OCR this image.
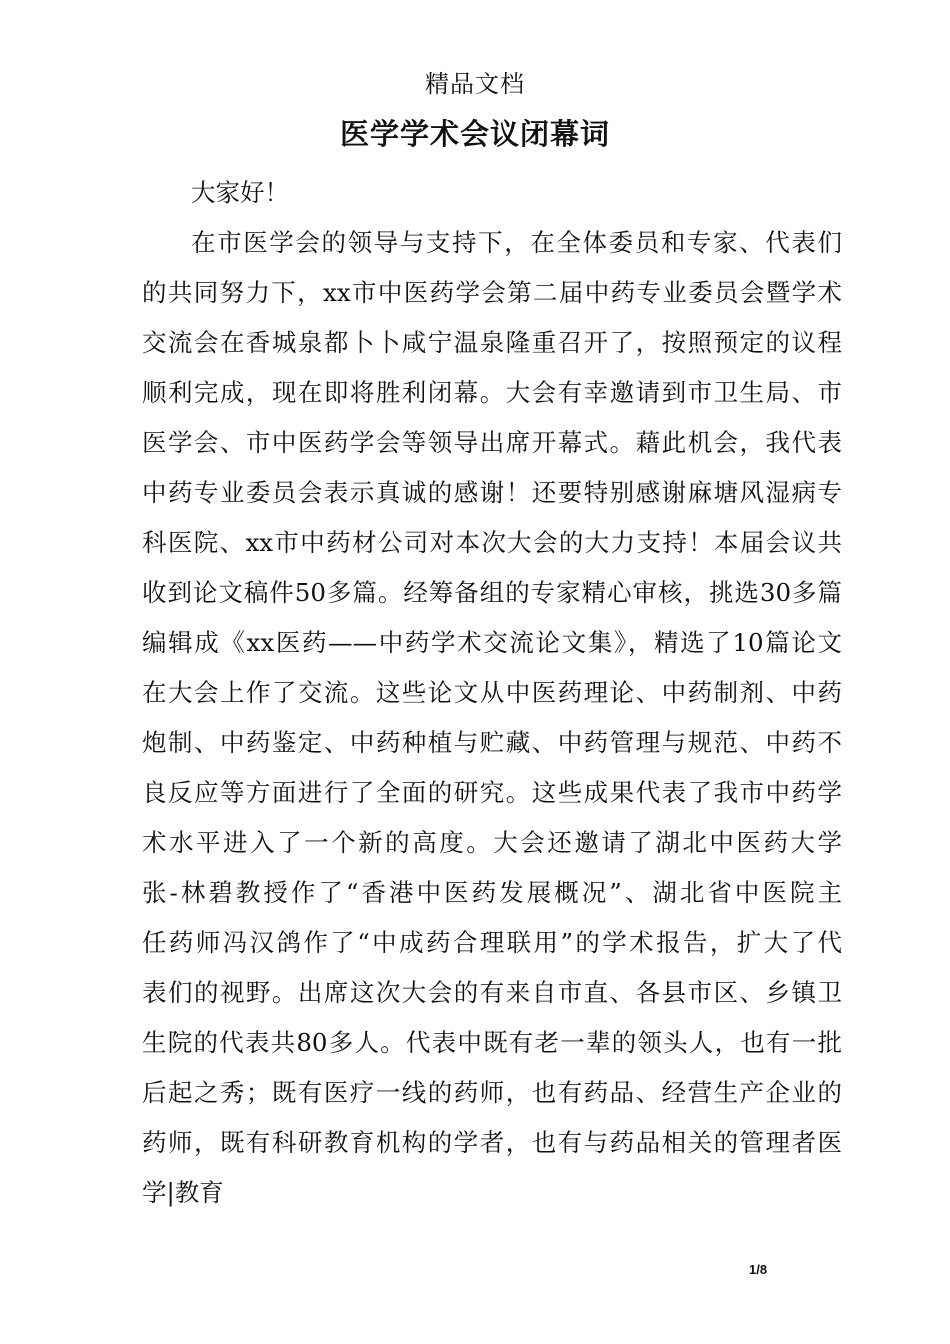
精品文档
医学学术会议闭幕词
大家好！
在市医学会的领导与支持下，在全体委员和专家、代表们
的共同努力下，xx市中医药学会第二届中药专业委员会暨学术
交流会在香城泉都卜卜咸宁温泉隆重召开了，按照预定的议程
顺利完成，现在即将胜利闭幕。大会有幸邀请到市卫生局、市
医学会、市中医药学会等领导出席开幕式。藉此机会，我代表
中药专业委员会表示真诚的感谢！还要特别感谢麻塘风湿病专
科医院、xx市中药材公司对本次大会的大力支持！本届会议共
收到论文稿件50多篇。经筹备组的专家精心审核，挑选30多篇
编辑成《xx医药——中药学术交流论文集》，精选了10篇论文
在大会上作了交流。这些论文从中医药理论、中药制剂、中药
炮制、中药鉴定、中药种植与贮藏、中药管理与规范、中药不
良反应等方面进行了全面的研究。这些成果代表了我市中药学
术水平进入了一个新的高度。大会还邀请了湖北中医药大学
张-林碧教授作了“香港中医药发展概况”、湖北省中医院主
任药师冯汉鸽作了“中成药合理联用”的学术报告，扩大了代
表们的视野。出席这次大会的有来自市直、各县市区、乡镇卫
生院的代表共80多人。代表中既有老一辈的领头人，也有一批
后起之秀；既有医疗一线的药师，也有药品、经营生产企业的
药师，既有科研教育机构的学者，也有与药品相关的管理者医
学|教育
1/8
